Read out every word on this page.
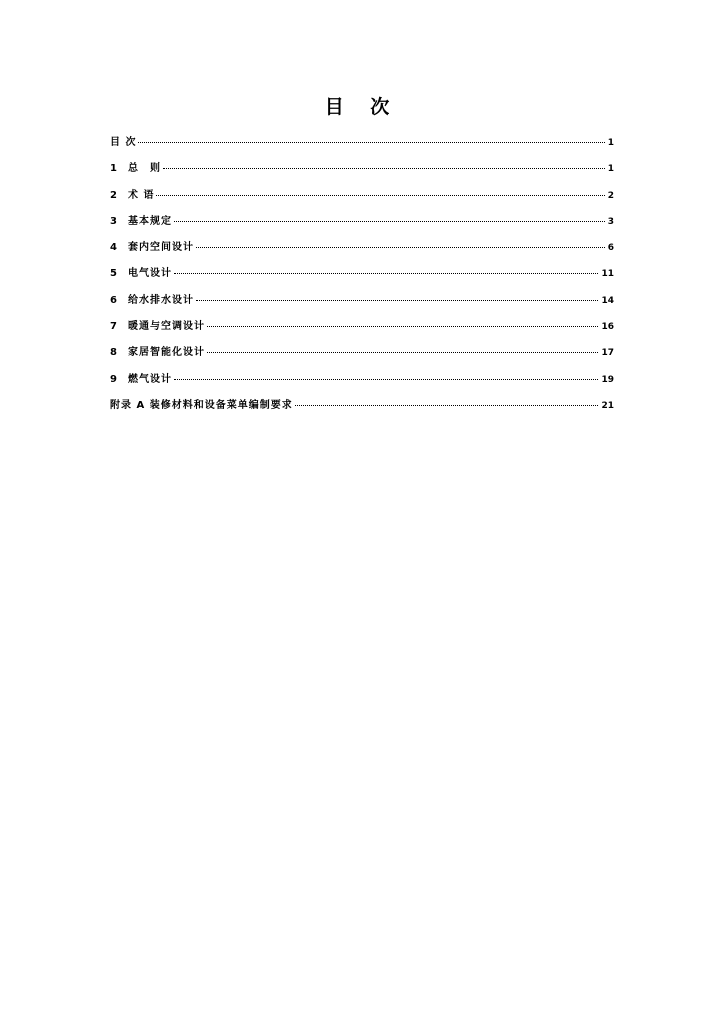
目 次
目 次	1
1	总　则	1
2	术 语	2
3	基本规定	3
4	套内空间设计	6
5	电气设计	11
6	给水排水设计	14
7	暖通与空调设计	16
8	家居智能化设计	17
9	燃气设计	19
附录 A 装修材料和设备菜单编制要求	21
